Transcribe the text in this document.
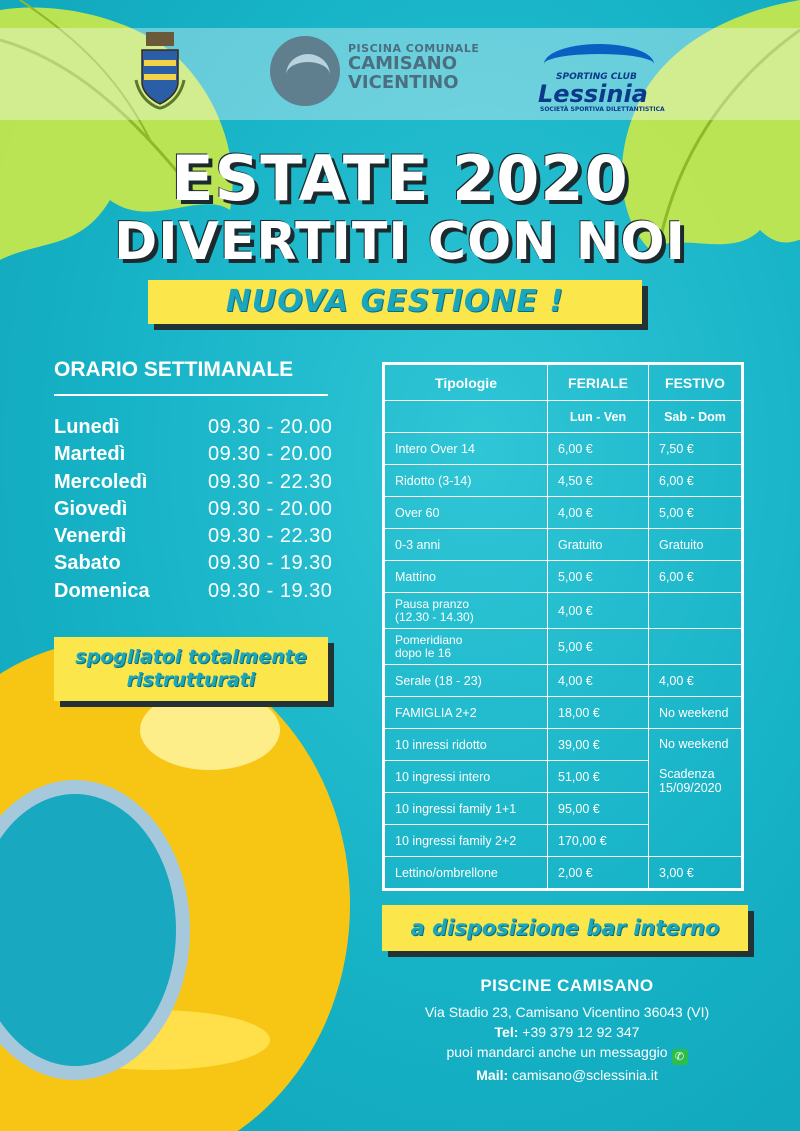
PISCINA COMUNALE
CAMISANO
VICENTINO	SPORTING CLUB
Lessinia
SOCIETÀ SPORTIVA DILETTANTISTICA
ESTATE 2020
DIVERTITI CON NOI
NUOVA GESTIONE !
ORARIO SETTIMANALE
Lunedì	09.30 - 20.00
Martedì	09.30 - 20.00
Mercoledì	09.30 - 22.30
Giovedì	09.30 - 20.00
Venerdì	09.30 - 22.30
Sabato	09.30 - 19.30
Domenica	09.30 - 19.30
spogliatoi totalmente
ristrutturati
Tipologie	FERIALE	FESTIVO
	Lun - Ven	Sab - Dom
Intero Over 14	6,00 €	7,50 €
Ridotto (3-14)	4,50 €	6,00 €
Over 60	4,00 €	5,00 €
0-3 anni	Gratuito	Gratuito
Mattino	5,00 €	6,00 €

Pausa pranzo
(12.30 - 14.30)	4,00 €	

Pomeridiano
dopo le 16	5,00 €	
Serale (18 - 23)	4,00 €	4,00 €
FAMIGLIA 2+2	18,00 €	No weekend
10 inressi ridotto	39,00 €	No weekend
Scadenza
15/09/2020

10 ingressi intero	51,00 €	
10 ingressi family 1+1	95,00 €	
10 ingressi family 2+2	170,00 €	
Lettino/ombrellone	2,00 €	3,00 €
a disposizione bar interno
PISCINE CAMISANO
Via Stadio 23, Camisano Vicentino 36043 (VI)
Tel: +39 379 12 92 347
puoi mandarci anche un messaggio ✆
Mail: camisano@sclessinia.it
